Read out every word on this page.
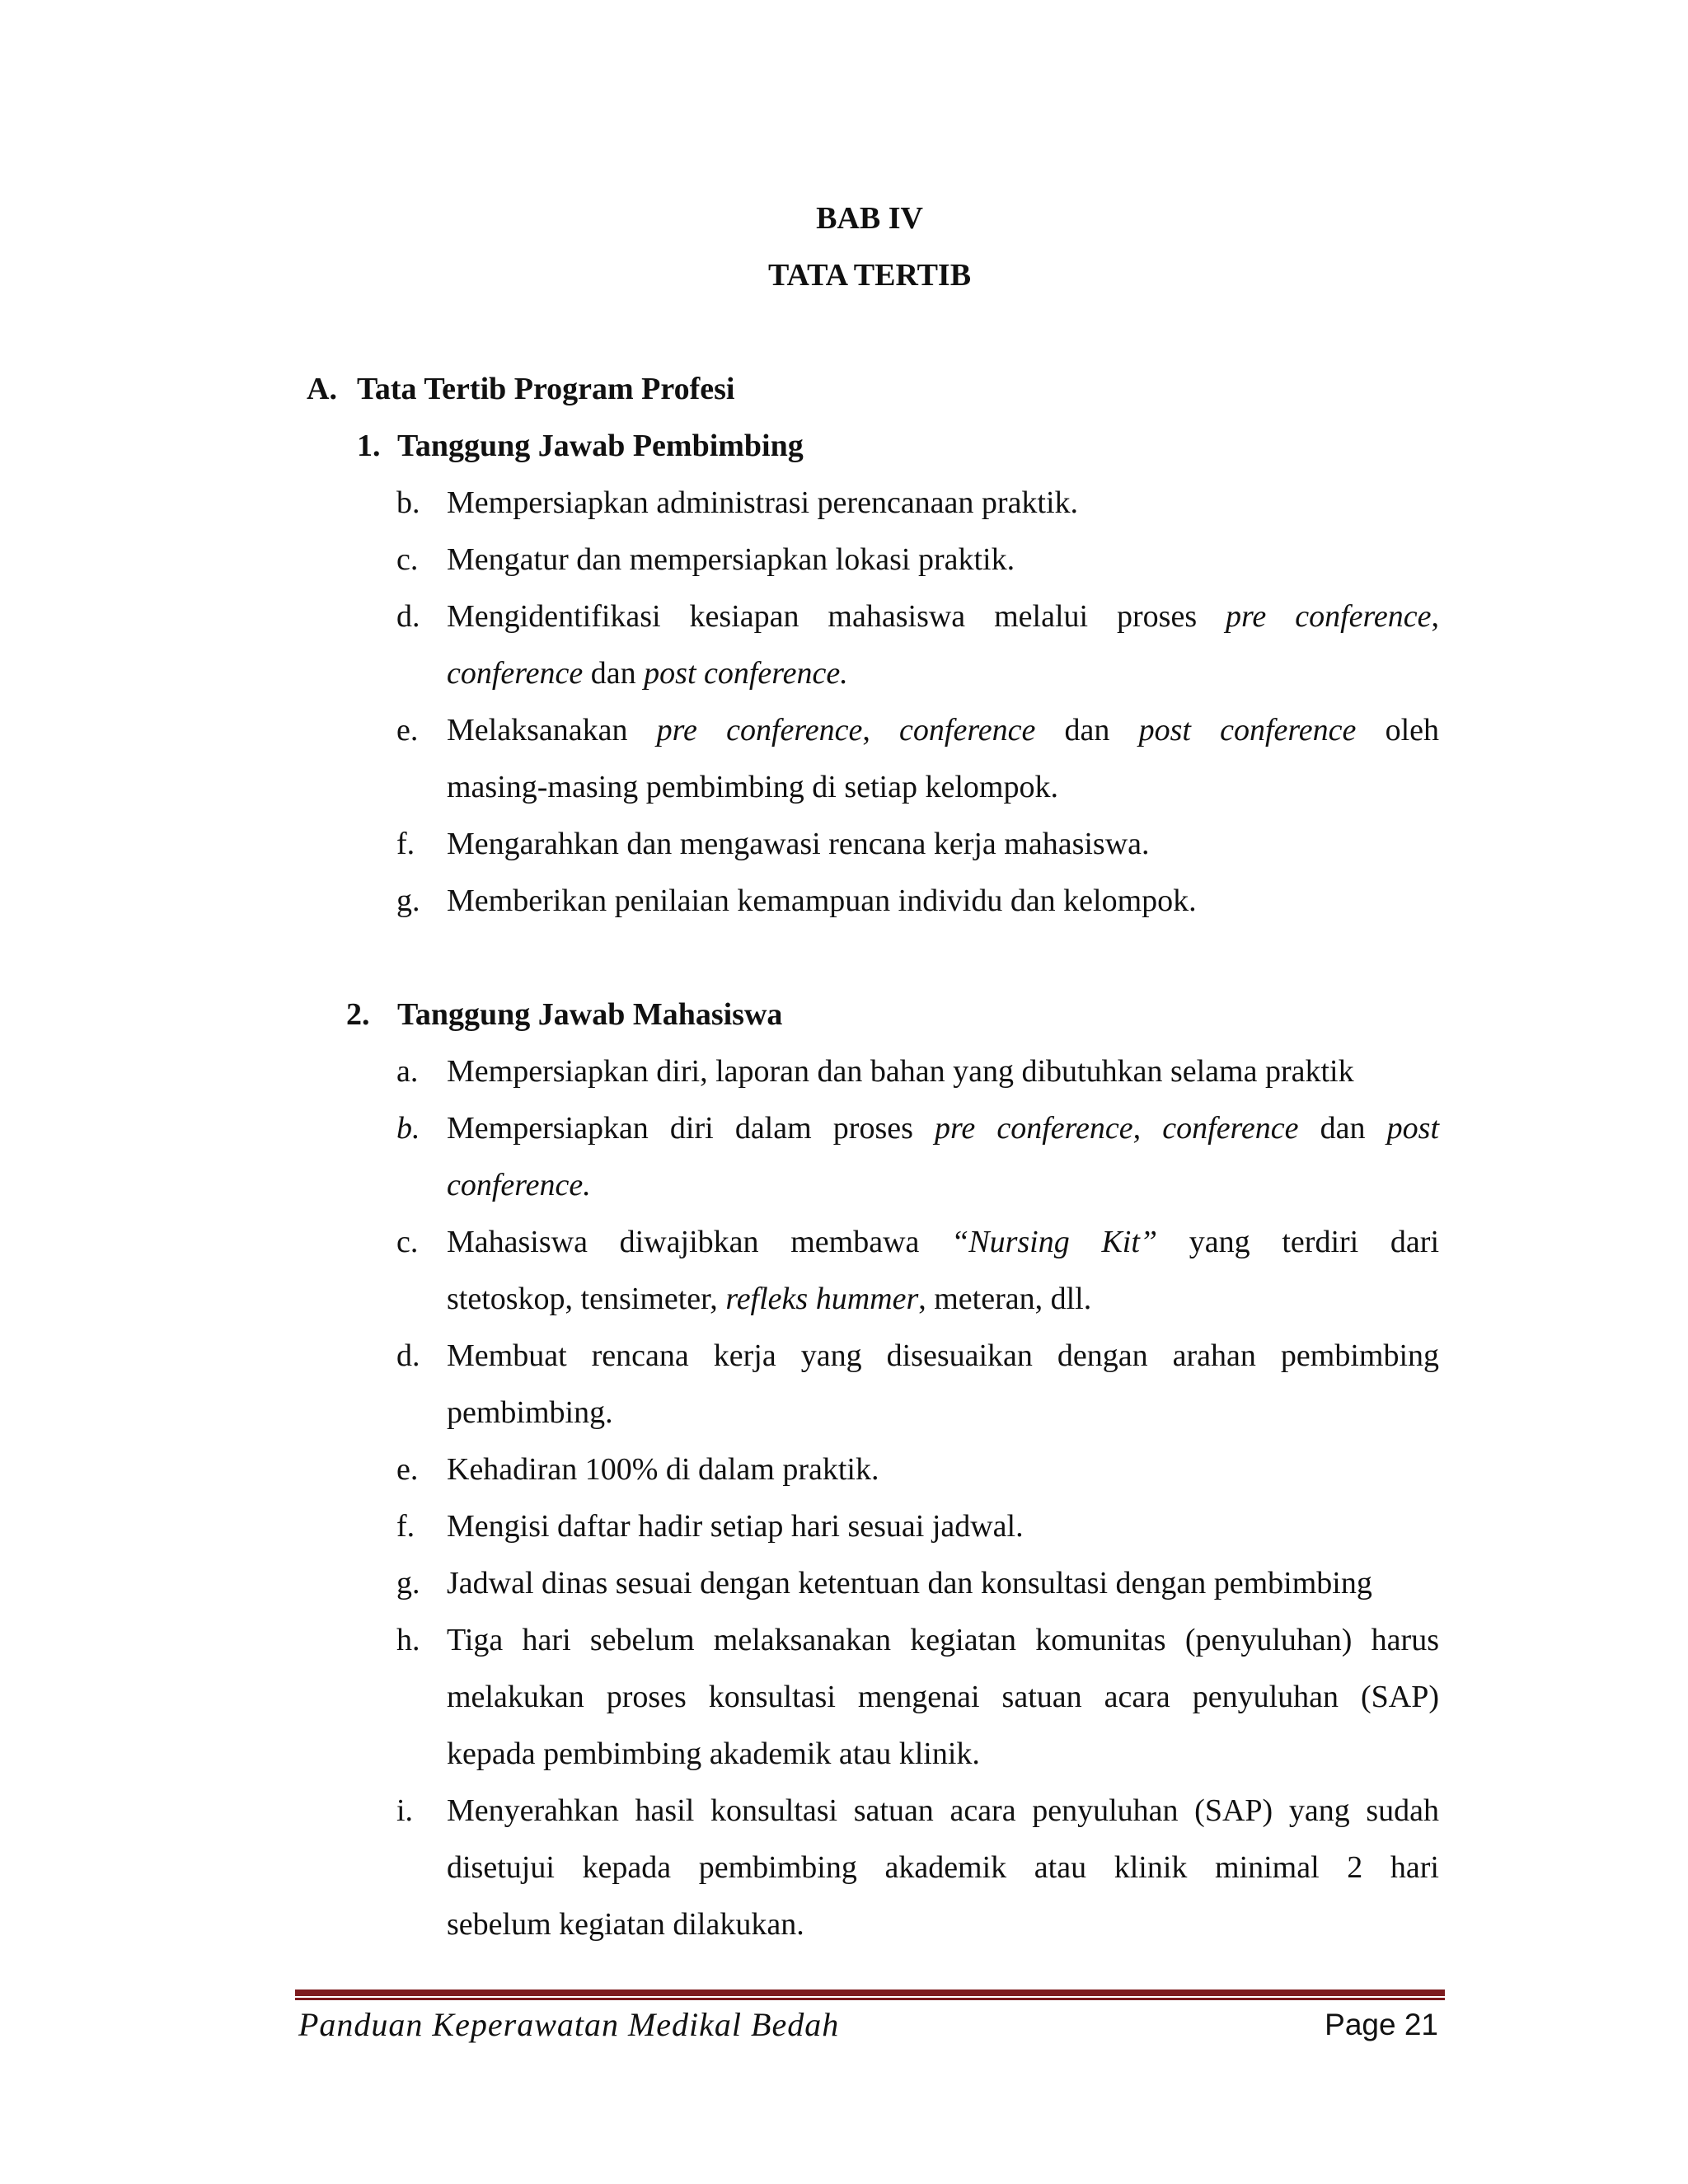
BAB IV
TATA TERTIB
A. Tata Tertib Program Profesi
1. Tanggung Jawab Pembimbing
b. Mempersiapkan administrasi perencanaan praktik.
c. Mengatur dan mempersiapkan lokasi praktik.
d. Mengidentifikasi kesiapan mahasiswa melalui proses pre conference,
conference dan post conference.
e. Melaksanakan pre conference, conference dan post conference oleh
masing-masing pembimbing di setiap kelompok.
f. Mengarahkan dan mengawasi rencana kerja mahasiswa.
g. Memberikan penilaian kemampuan individu dan kelompok.
2. Tanggung Jawab Mahasiswa
a. Mempersiapkan diri, laporan dan bahan yang dibutuhkan selama praktik
b. Mempersiapkan diri dalam proses pre conference, conference dan post
conference.
c. Mahasiswa diwajibkan membawa “Nursing Kit” yang terdiri dari
stetoskop, tensimeter, refleks hummer, meteran, dll.
d. Membuat rencana kerja yang disesuaikan dengan arahan pembimbing
pembimbing.
e. Kehadiran 100% di dalam praktik.
f. Mengisi daftar hadir setiap hari sesuai jadwal.
g. Jadwal dinas sesuai dengan ketentuan dan konsultasi dengan pembimbing
h. Tiga hari sebelum melaksanakan kegiatan komunitas (penyuluhan) harus
melakukan proses konsultasi mengenai satuan acara penyuluhan (SAP)
kepada pembimbing akademik atau klinik.
i. Menyerahkan hasil konsultasi satuan acara penyuluhan (SAP) yang sudah
disetujui kepada pembimbing akademik atau klinik minimal 2 hari
sebelum kegiatan dilakukan.
Panduan Keperawatan Medikal Bedah	Page 21
